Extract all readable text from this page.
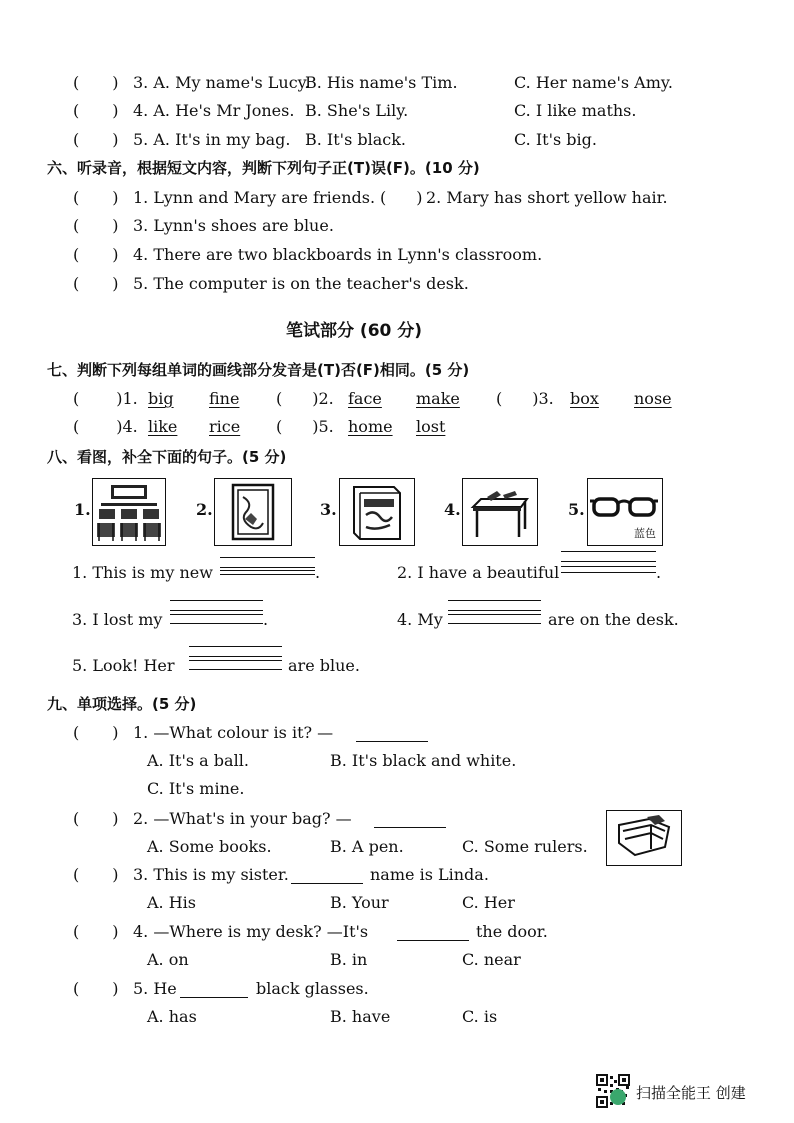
( ) 3. A. My name's Lucy.
B. His name's Tim.	C. Her name's Amy.
( ) 4. A. He's Mr Jones. B. She's Lily.	C. I like maths.
( ) 5. A. It's in my bag. B. It's black.	C. It's big.
六、听录音，根据短文内容，判断下列句子正(T)误(F)。(10 分)
( ) 1. Lynn and Mary are friends. ( ) 2. Mary has short yellow hair.
( ) 3. Lynn's shoes are blue.
( ) 4. There are two blackboards in Lynn's classroom.
( ) 5. The computer is on the teacher's desk.
笔试部分 (60 分)
七、判断下列每组单词的画线部分发音是(T)否(F)相同。(5 分)
( )1. big fine ( )2. face make ( )3. box nose
( )4. like rice ( )5. home lost
八、看图，补全下面的句子。(5 分)
1.	2.	3.	4.	5.
蓝色
1. This is my new	.	2. I have a beautiful	.
3. I lost my	.	4. My	are on the desk.
5. Look! Her	are blue.
九、单项选择。(5 分)
( ) 1. —What colour is it? —
A. It's a ball.	B. It's black and white.
C. It's mine.
( ) 2. —What's in your bag? —
A. Some books.	B. A pen.	C. Some rulers.
( ) 3. This is my sister.	name is Linda.
A. His	B. Your	C. Her
( ) 4. —Where is my desk? —It's	the door.
A. on	B. in	C. near
( ) 5. He	black glasses.
A. has	B. have	C. is
扫描全能王 创建
